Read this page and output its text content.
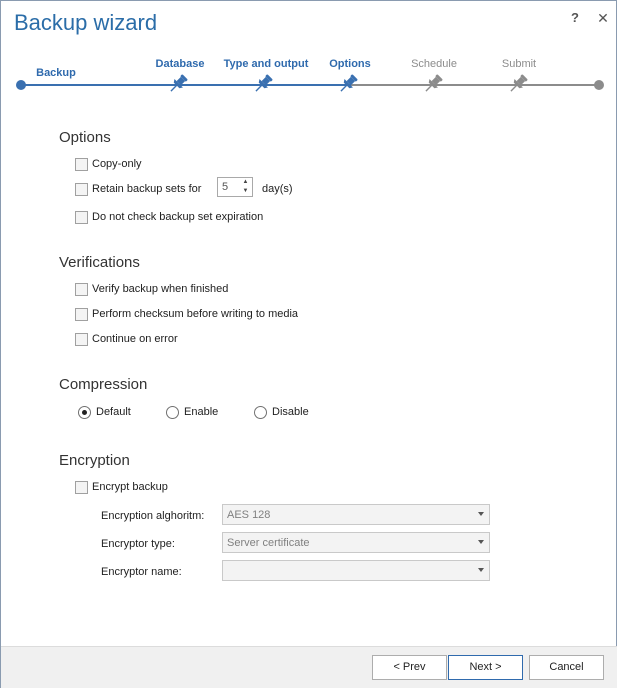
Backup wizard	?	✕
Backup
Database Type and output Options	Schedule	Submit
Options
Copy-only
Retain backup sets for 5	▲
▼	day(s)
Do not check backup set expiration
Verifications
Verify backup when finished
Perform checksum before writing to media
Continue on error
Compression
Default	Enable	Disable
Encryption
Encrypt backup
Encryption alghoritm: AES 128
Encryptor type:	Server certificate
Encryptor name:
< Prev	Next >	Cancel
